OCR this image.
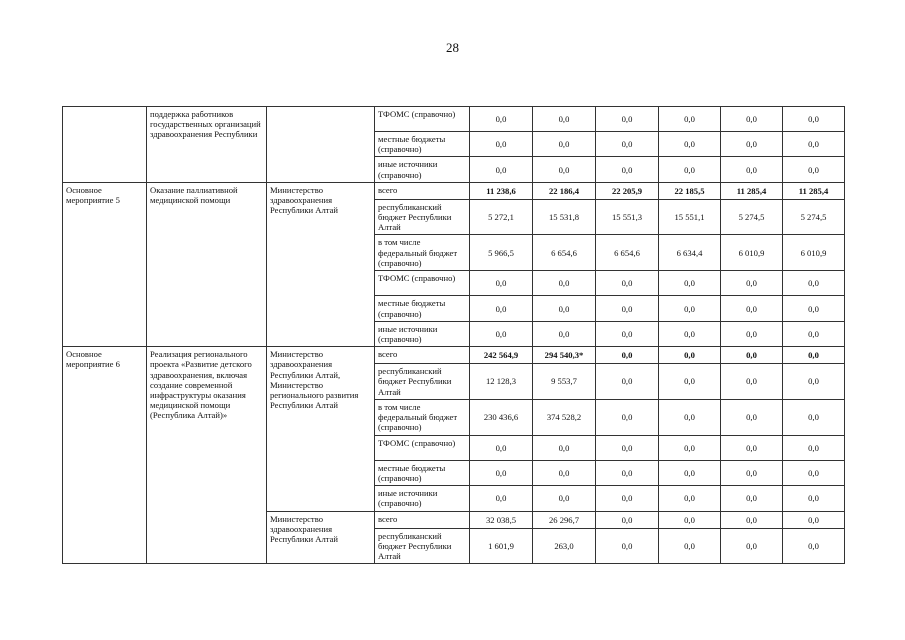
28
	поддержка работников государственных организаций здравоохранения Республики		ТФОМС (справочно)	0,0	0,0	0,0	0,0	0,0	0,0
			местные бюджеты (справочно)	0,0	0,0	0,0	0,0	0,0	0,0
			иные источники (справочно)	0,0	0,0	0,0	0,0	0,0	0,0
Основное мероприятие 5	Оказание паллиативной медицинской помощи	Министерство здравоохранения Республики Алтай	всего	11 238,6	22 186,4	22 205,9	22 185,5	11 285,4	11 285,4
			республиканский бюджет Республики Алтай	5 272,1	15 531,8	15 551,3	15 551,1	5 274,5	5 274,5
			в том числе федеральный бюджет (справочно)	5 966,5	6 654,6	6 654,6	6 634,4	6 010,9	6 010,9
			ТФОМС (справочно)	0,0	0,0	0,0	0,0	0,0	0,0
			местные бюджеты (справочно)	0,0	0,0	0,0	0,0	0,0	0,0
			иные источники (справочно)	0,0	0,0	0,0	0,0	0,0	0,0
Основное мероприятие 6	Реализация регионального проекта «Развитие детского здравоохранения, включая создание современной инфраструктуры оказания медицинской помощи (Республика Алтай)»	Министерство здравоохранения Республики Алтай, Министерство регионального развития Республики Алтай	всего	242 564,9	294 540,3*	0,0	0,0	0,0	0,0
			республиканский бюджет Республики Алтай	12 128,3	9 553,7	0,0	0,0	0,0	0,0
			в том числе федеральный бюджет (справочно)	230 436,6	374 528,2	0,0	0,0	0,0	0,0
			ТФОМС (справочно)	0,0	0,0	0,0	0,0	0,0	0,0
			местные бюджеты (справочно)	0,0	0,0	0,0	0,0	0,0	0,0
			иные источники (справочно)	0,0	0,0	0,0	0,0	0,0	0,0
		Министерство здравоохранения Республики Алтай	всего	32 038,5	26 296,7	0,0	0,0	0,0	0,0
			республиканский бюджет Республики Алтай	1 601,9	263,0	0,0	0,0	0,0	0,0
